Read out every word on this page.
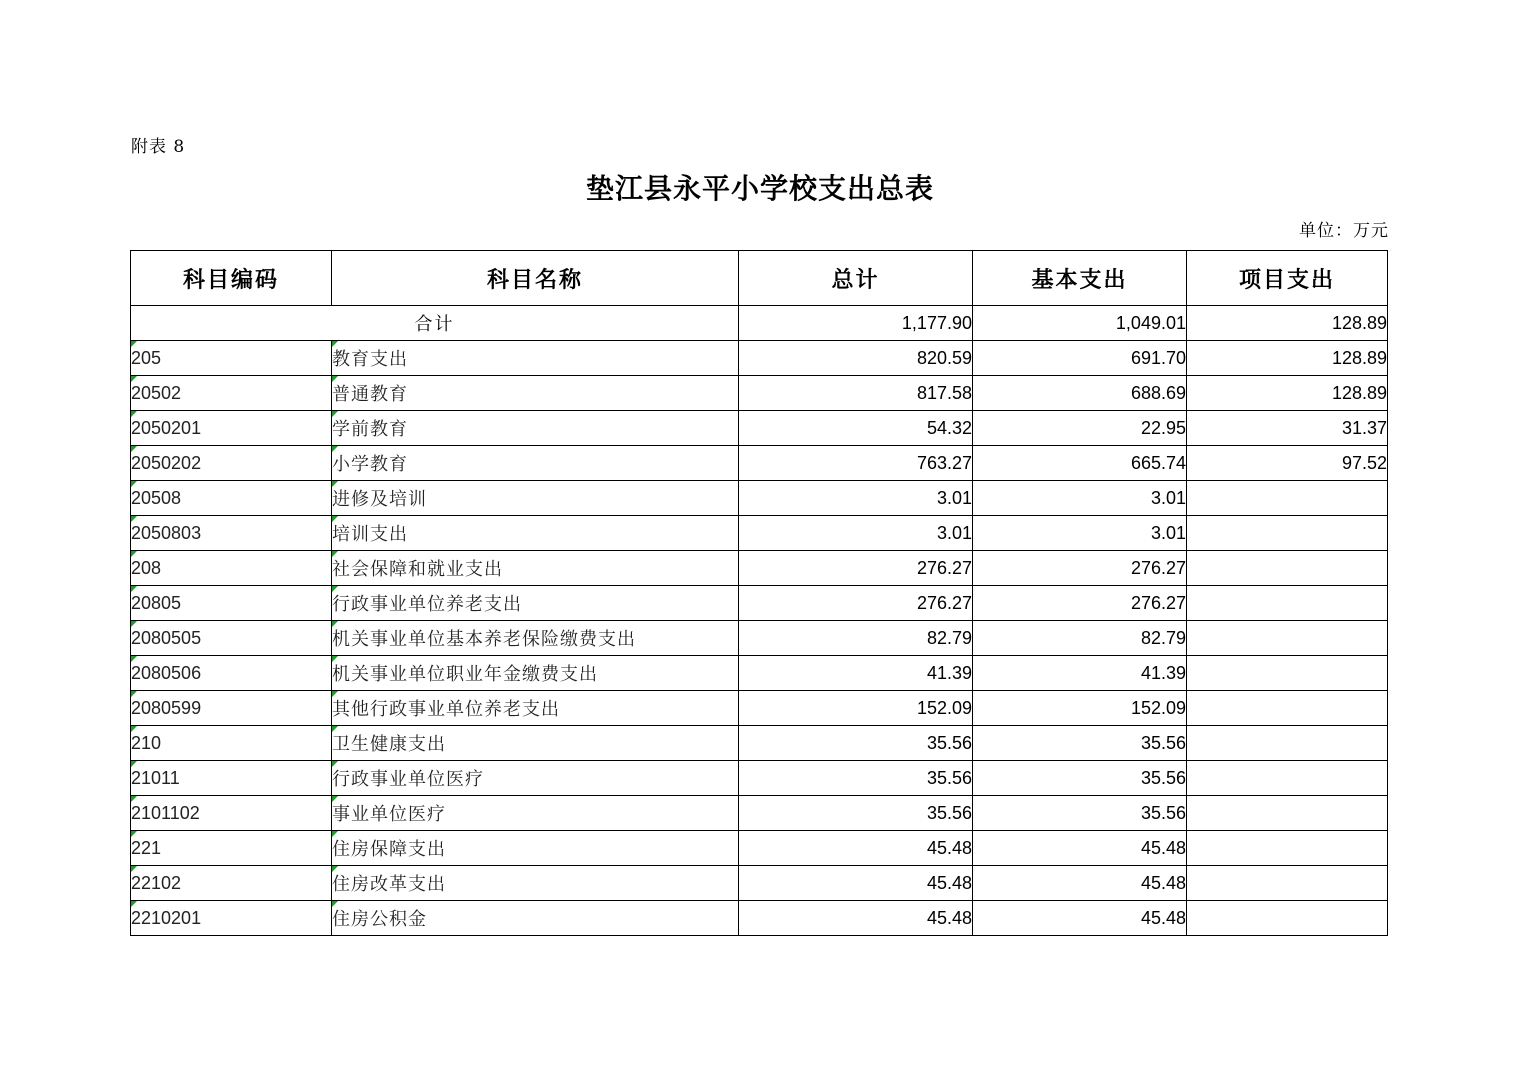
附表 8
垫江县永平小学校支出总表
单位：万元
科目编码	科目名称	总计	基本支出	项目支出
合计		1,177.90	1,049.01	128.89

205	教育支出	820.59	691.70	128.89

20502	普通教育	817.58	688.69	128.89

2050201	学前教育	54.32	22.95	31.37

2050202	小学教育	763.27	665.74	97.52

20508	进修及培训	3.01	3.01	

2050803	培训支出	3.01	3.01	

208	社会保障和就业支出	276.27	276.27	

20805	行政事业单位养老支出	276.27	276.27	

2080505	机关事业单位基本养老保险缴费支出	82.79	82.79	

2080506	机关事业单位职业年金缴费支出	41.39	41.39	

2080599	其他行政事业单位养老支出	152.09	152.09	

210	卫生健康支出	35.56	35.56	

21011	行政事业单位医疗	35.56	35.56	

2101102	事业单位医疗	35.56	35.56	

221	住房保障支出	45.48	45.48	

22102	住房改革支出	45.48	45.48	

2210201	住房公积金	45.48	45.48	
